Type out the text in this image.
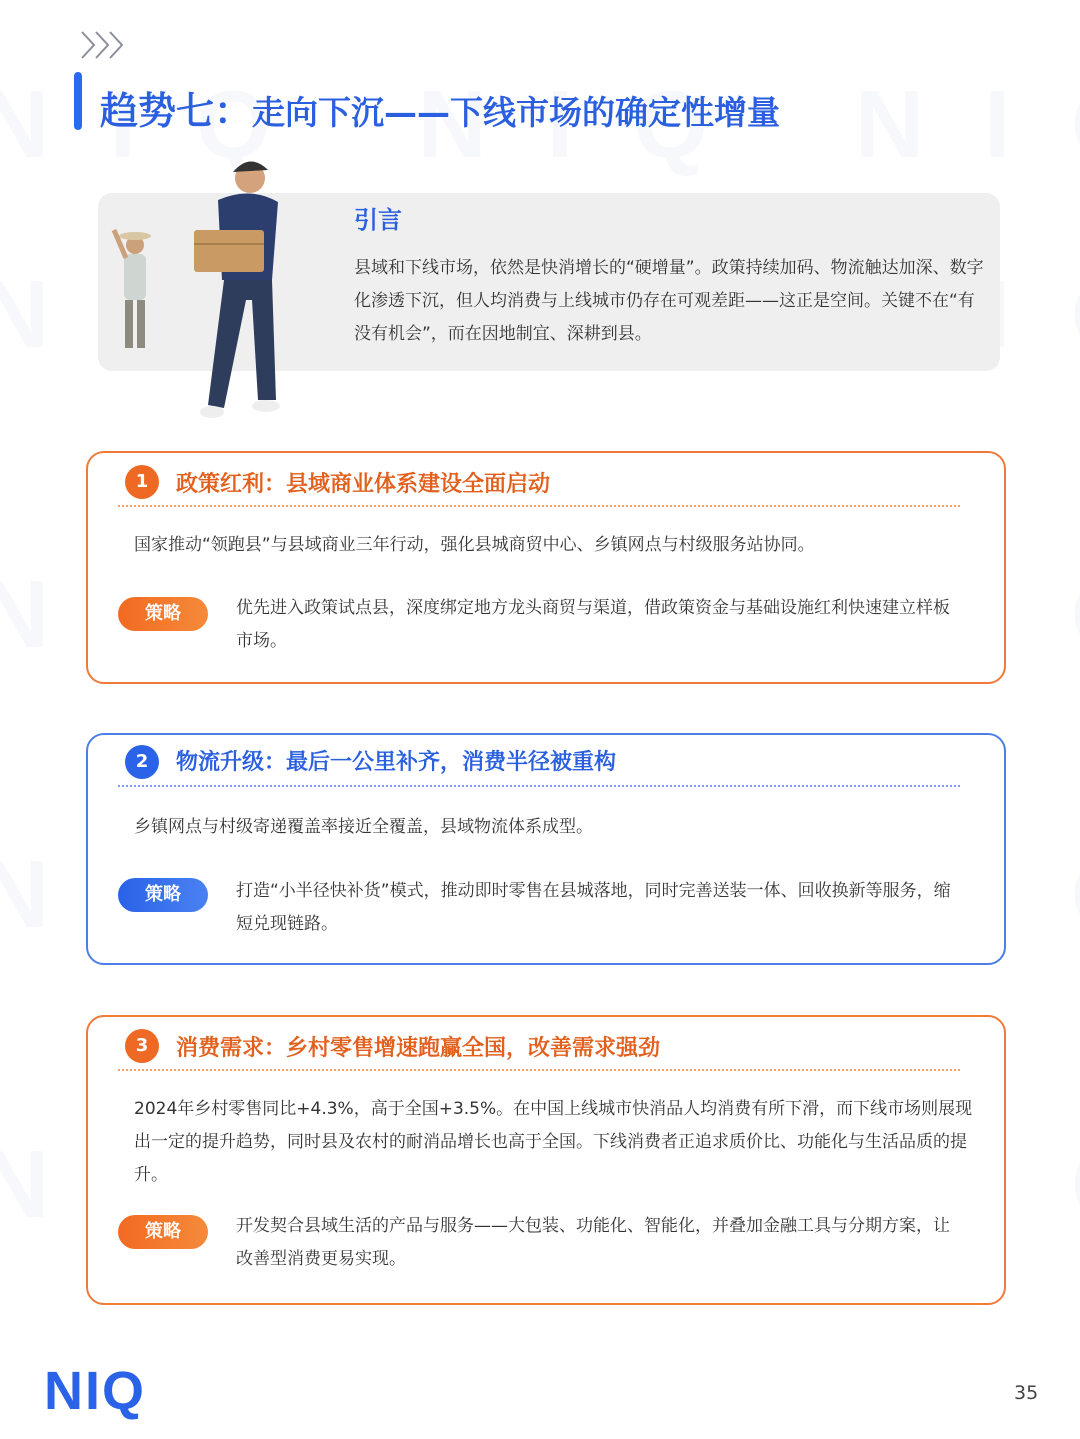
趋势七：走向下沉——下线市场的确定性增量
引言
县域和下线市场，依然是快消增长的“硬增量”。政策持续加码、物流触达加深、数字化渗透下沉，但人均消费与上线城市仍存在可观差距——这正是空间。关键不在“有没有机会”，而在因地制宜、深耕到县。
1	政策红利：县域商业体系建设全面启动
国家推动“领跑县”与县域商业三年行动，强化县城商贸中心、乡镇网点与村级服务站协同。
策略	优先进入政策试点县，深度绑定地方龙头商贸与渠道，借政策资金与基础设施红利快速建立样板市场。
2	物流升级：最后一公里补齐，消费半径被重构
乡镇网点与村级寄递覆盖率接近全覆盖，县域物流体系成型。
策略	打造“小半径快补货”模式，推动即时零售在县城落地，同时完善送装一体、回收换新等服务，缩短兑现链路。
3	消费需求：乡村零售增速跑赢全国，改善需求强劲
2024年乡村零售同比+4.3%，高于全国+3.5%。在中国上线城市快消品人均消费有所下滑，而下线市场则展现出一定的提升趋势，同时县及农村的耐消品增长也高于全国。下线消费者正追求质价比、功能化与生活品质的提升。
策略	开发契合县域生活的产品与服务——大包装、功能化、智能化，并叠加金融工具与分期方案，让改善型消费更易实现。
NIQ	35
